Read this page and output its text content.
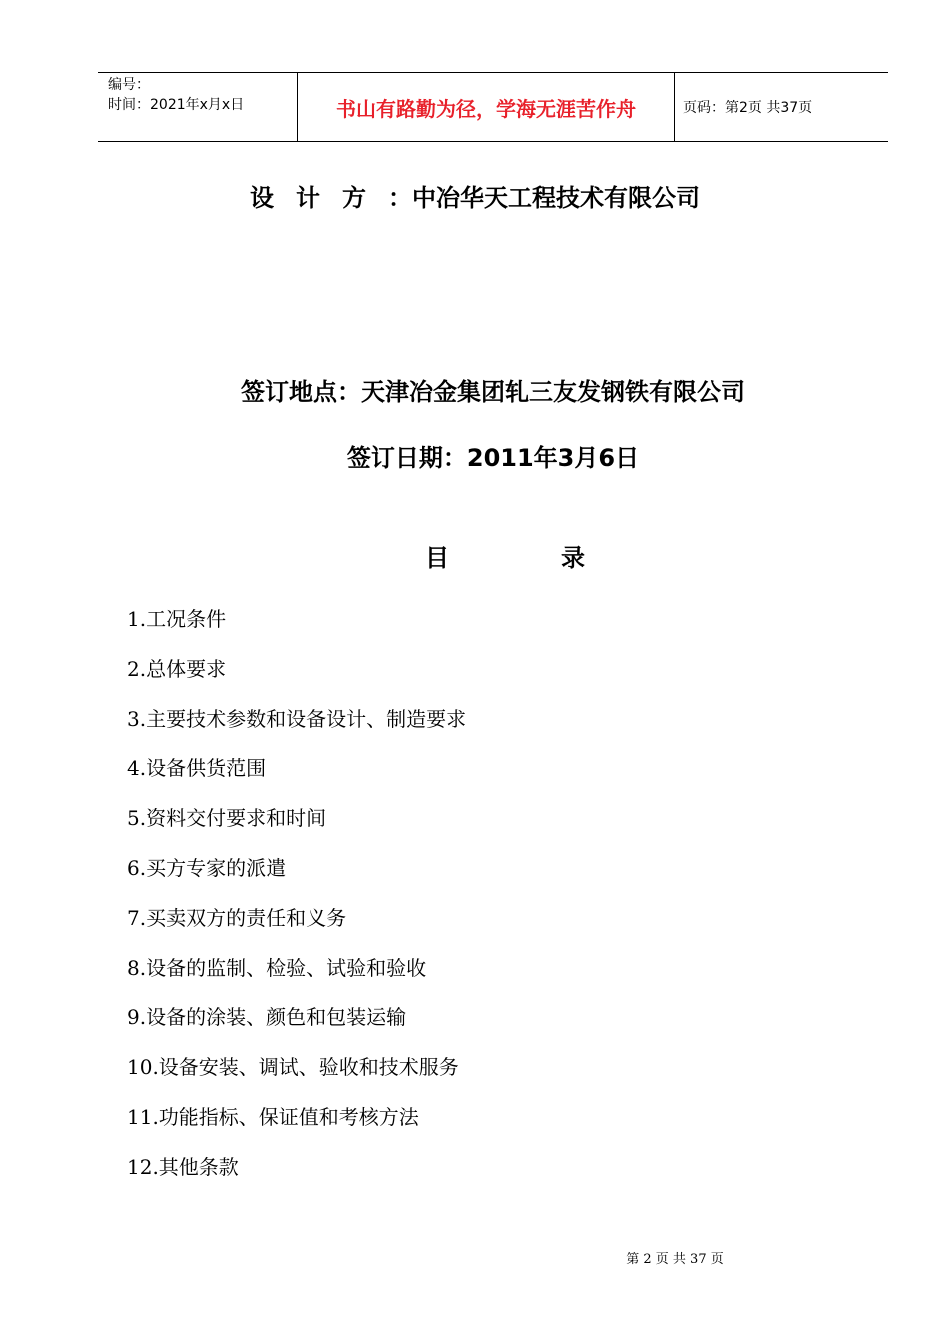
编号：
时间：2021年x月x日	书山有路勤为径，学海无涯苦作舟	页码：第2页 共37页
设计方：中冶华天工程技术有限公司
签订地点：天津冶金集团轧三友发钢铁有限公司
签订日期：2011年3月6日
目	录
1.工况条件
2.总体要求
3.主要技术参数和设备设计、制造要求
4.设备供货范围
5.资料交付要求和时间
6.买方专家的派遣
7.买卖双方的责任和义务
8.设备的监制、检验、试验和验收
9.设备的涂装、颜色和包装运输
10.设备安装、调试、验收和技术服务
11.功能指标、保证值和考核方法
12.其他条款
第 2 页 共 37 页
